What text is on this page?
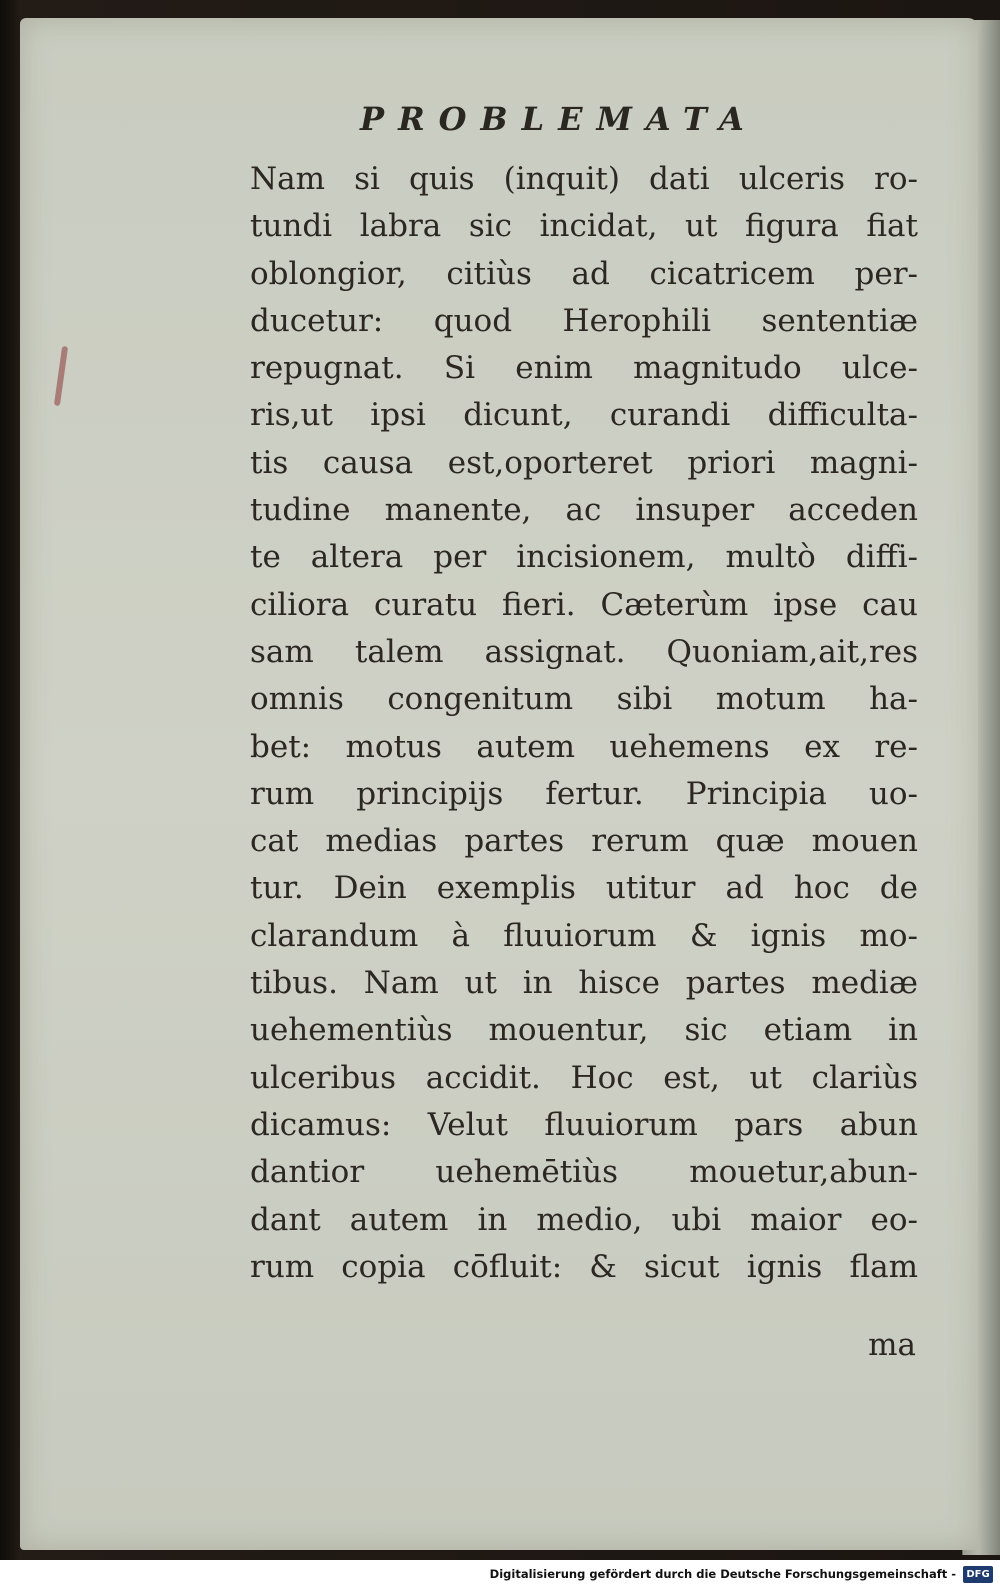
PROBLEMATA
Nam si quis (inquit) dati ulceris ro-
tundi labra sic incidat, ut figura fiat
oblongior, citiùs ad cicatricem per-
ducetur: quod Herophili sententiæ
repugnat. Si enim magnitudo ulce-
ris,ut ipsi dicunt, curandi difficulta-
tis causa est,oporteret priori magni-
tudine manente, ac insuper acceden
te altera per incisionem, multò diffi-
ciliora curatu fieri. Cæterùm ipse cau
sam talem assignat. Quoniam,ait,res
omnis congenitum sibi motum ha-
bet: motus autem uehemens ex re-
rum principijs fertur. Principia uo-
cat medias partes rerum quæ mouen
tur. Dein exemplis utitur ad hoc de
clarandum à fluuiorum & ignis mo-
tibus. Nam ut in hisce partes mediæ
uehementiùs mouentur, sic etiam in
ulceribus accidit. Hoc est, ut clariùs
dicamus: Velut fluuiorum pars abun
dantior uehemētiùs mouetur,abun-
dant autem in medio, ubi maior eo-
rum copia cōfluit: & sicut ignis flam
ma
Digitalisierung gefördert durch die Deutsche Forschungsgemeinschaft -	DFG
